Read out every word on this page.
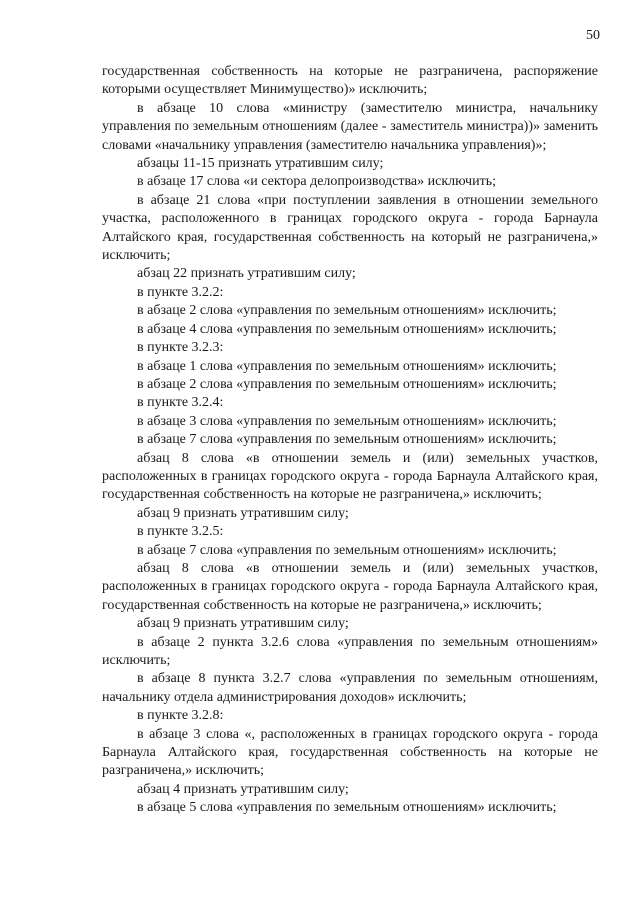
50

государственная собственность на которые не разграничена, распоряжение которыми осуществляет Минимущество)» исключить;

в абзаце 10 слова «министру (заместителю министра, начальнику управления по земельным отношениям (далее - заместитель министра))» заменить словами «начальнику управления (заместителю начальника управления)»;

абзацы 11-15 признать утратившим силу;

в абзаце 17 слова «и сектора делопроизводства» исключить;

в абзаце 21 слова «при поступлении заявления в отношении земельного участка, расположенного в границах городского округа - города Барнаула Алтайского края, государственная собственность на который не разграничена,» исключить;

абзац 22 признать утратившим силу;

в пункте 3.2.2:

в абзаце 2 слова «управления по земельным отношениям» исключить;

в абзаце 4 слова «управления по земельным отношениям» исключить;

в пункте 3.2.3:

в абзаце 1 слова «управления по земельным отношениям» исключить;

в абзаце 2 слова «управления по земельным отношениям» исключить;

в пункте 3.2.4:

в абзаце 3 слова «управления по земельным отношениям» исключить;

в абзаце 7 слова «управления по земельным отношениям» исключить;

абзац 8 слова «в отношении земель и (или) земельных участков, расположенных в границах городского округа - города Барнаула Алтайского края, государственная собственность на которые не разграничена,» исключить;

абзац 9 признать утратившим силу;

в пункте 3.2.5:

в абзаце 7 слова «управления по земельным отношениям» исключить;

абзац 8 слова «в отношении земель и (или) земельных участков, расположенных в границах городского округа - города Барнаула Алтайского края, государственная собственность на которые не разграничена,» исключить;

абзац 9 признать утратившим силу;

в абзаце 2 пункта 3.2.6 слова «управления по земельным отношениям» исключить;

в абзаце 8 пункта 3.2.7 слова «управления по земельным отношениям, начальнику отдела администрирования доходов» исключить;

в пункте 3.2.8:

в абзаце 3 слова «, расположенных в границах городского округа - города Барнаула Алтайского края, государственная собственность на которые не разграничена,» исключить;

абзац 4 признать утратившим силу;

в абзаце 5 слова «управления по земельным отношениям» исключить;
